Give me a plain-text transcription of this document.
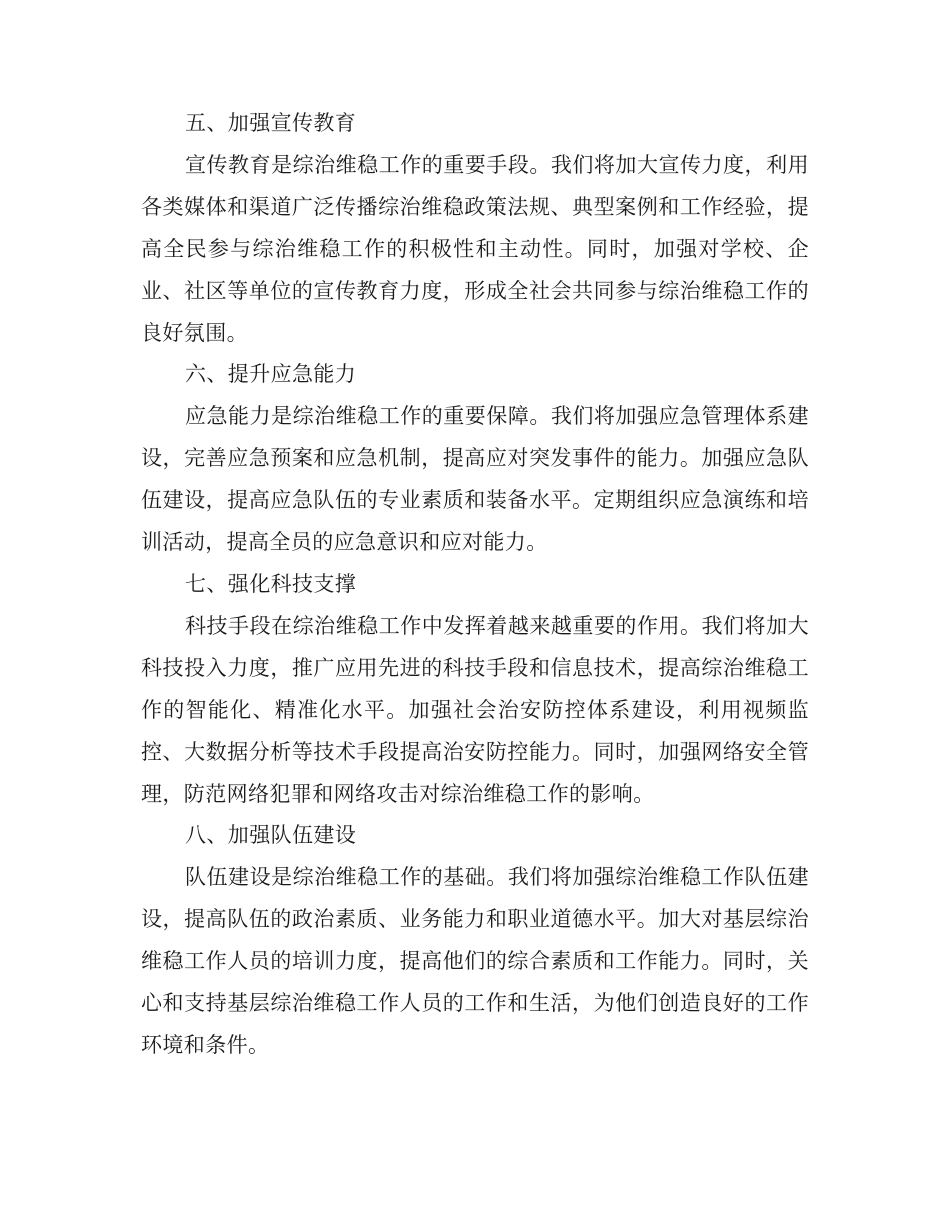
五、加强宣传教育

宣传教育是综治维稳工作的重要手段。我们将加大宣传力度，利用各类媒体和渠道广泛传播综治维稳政策法规、典型案例和工作经验，提高全民参与综治维稳工作的积极性和主动性。同时，加强对学校、企业、社区等单位的宣传教育力度，形成全社会共同参与综治维稳工作的良好氛围。

六、提升应急能力

应急能力是综治维稳工作的重要保障。我们将加强应急管理体系建设，完善应急预案和应急机制，提高应对突发事件的能力。加强应急队伍建设，提高应急队伍的专业素质和装备水平。定期组织应急演练和培训活动，提高全员的应急意识和应对能力。

七、强化科技支撑

科技手段在综治维稳工作中发挥着越来越重要的作用。我们将加大科技投入力度，推广应用先进的科技手段和信息技术，提高综治维稳工作的智能化、精准化水平。加强社会治安防控体系建设，利用视频监控、大数据分析等技术手段提高治安防控能力。同时，加强网络安全管理，防范网络犯罪和网络攻击对综治维稳工作的影响。

八、加强队伍建设

队伍建设是综治维稳工作的基础。我们将加强综治维稳工作队伍建设，提高队伍的政治素质、业务能力和职业道德水平。加大对基层综治维稳工作人员的培训力度，提高他们的综合素质和工作能力。同时，关心和支持基层综治维稳工作人员的工作和生活，为他们创造良好的工作环境和条件。
